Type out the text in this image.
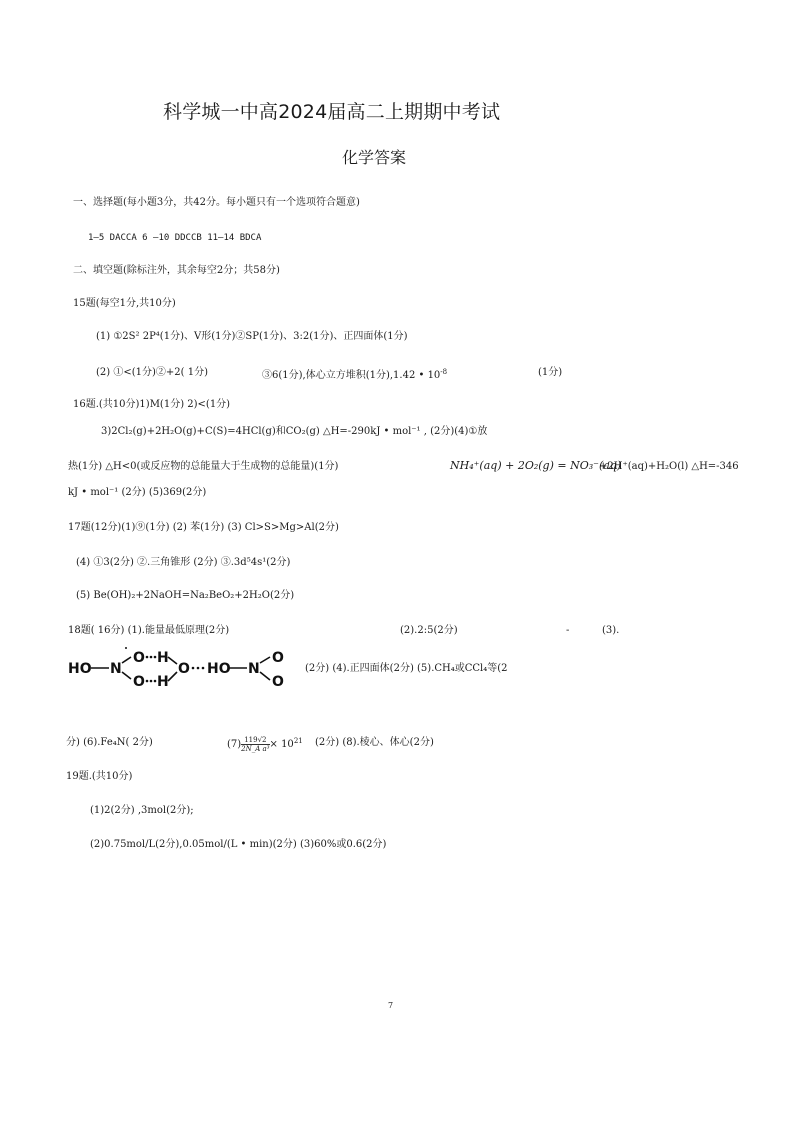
科学城一中高2024届高二上期期中考试
化学答案
一、选择题(每小题3分，共42分。每小题只有一个选项符合题意)
1—5 DACCA 6 —10 DDCCB 11—14 BDCA
二、填空题(除标注外，其余每空2分；共58分)
15题(每空1分,共10分)
(1) ①2S² 2P⁴(1分)、V形(1分)②SP(1分)、3:2(1分)、正四面体(1分)
(2) ①<(1分)②+2( 1分)	③6(1分),体心立方堆积(1分),1.42 • $10^{-8}$	(1分)
16题.(共10分)1)M(1分) 2)<(1分)
3)2Cl₂(g)+2H₂O(g)+C(S)=4HCl(g)和CO₂(g) △H=-290kJ • mol⁻¹ , (2分)(4)①放
热(1分) △H<0(或反应物的总能量大于生成物的总能量)(1分)	NH₄⁺(aq) + 2O₂(g) = NO₃⁻(aq)
+2H⁺(aq)+H₂O(l) △H=-346
kJ • mol⁻¹ (2分) (5)369(2分)
17题(12分)(1)⑨(1分) (2) 苯(1分) (3) Cl>S>Mg>Al(2分)
(4) ①3(2分) ②.三角锥形 (2分) ③.3d⁵4s¹(2分)
(5) Be(OH)₂+2NaOH=Na₂BeO₂+2H₂O(2分)
18题( 16分) (1).能量最低原理(2分)	(2).2:5(2分)	-	(3).
HO N
O H
O H
O HO N
O
O
(2分) (4).正四面体(2分) (5).CH₄或CCl₄等(2
分) (6).Fe₄N( 2分)	$(7) \frac{119√2}{\text{2N\_A a³}} \times 10^{21}$ (2分) (8).棱心、体心(2分)
19题.(共10分)
(1)2(2分) ,3mol(2分);
(2)0.75mol/L(2分),0.05mol/(L • min)(2分) (3)60%或0.6(2分)
7
